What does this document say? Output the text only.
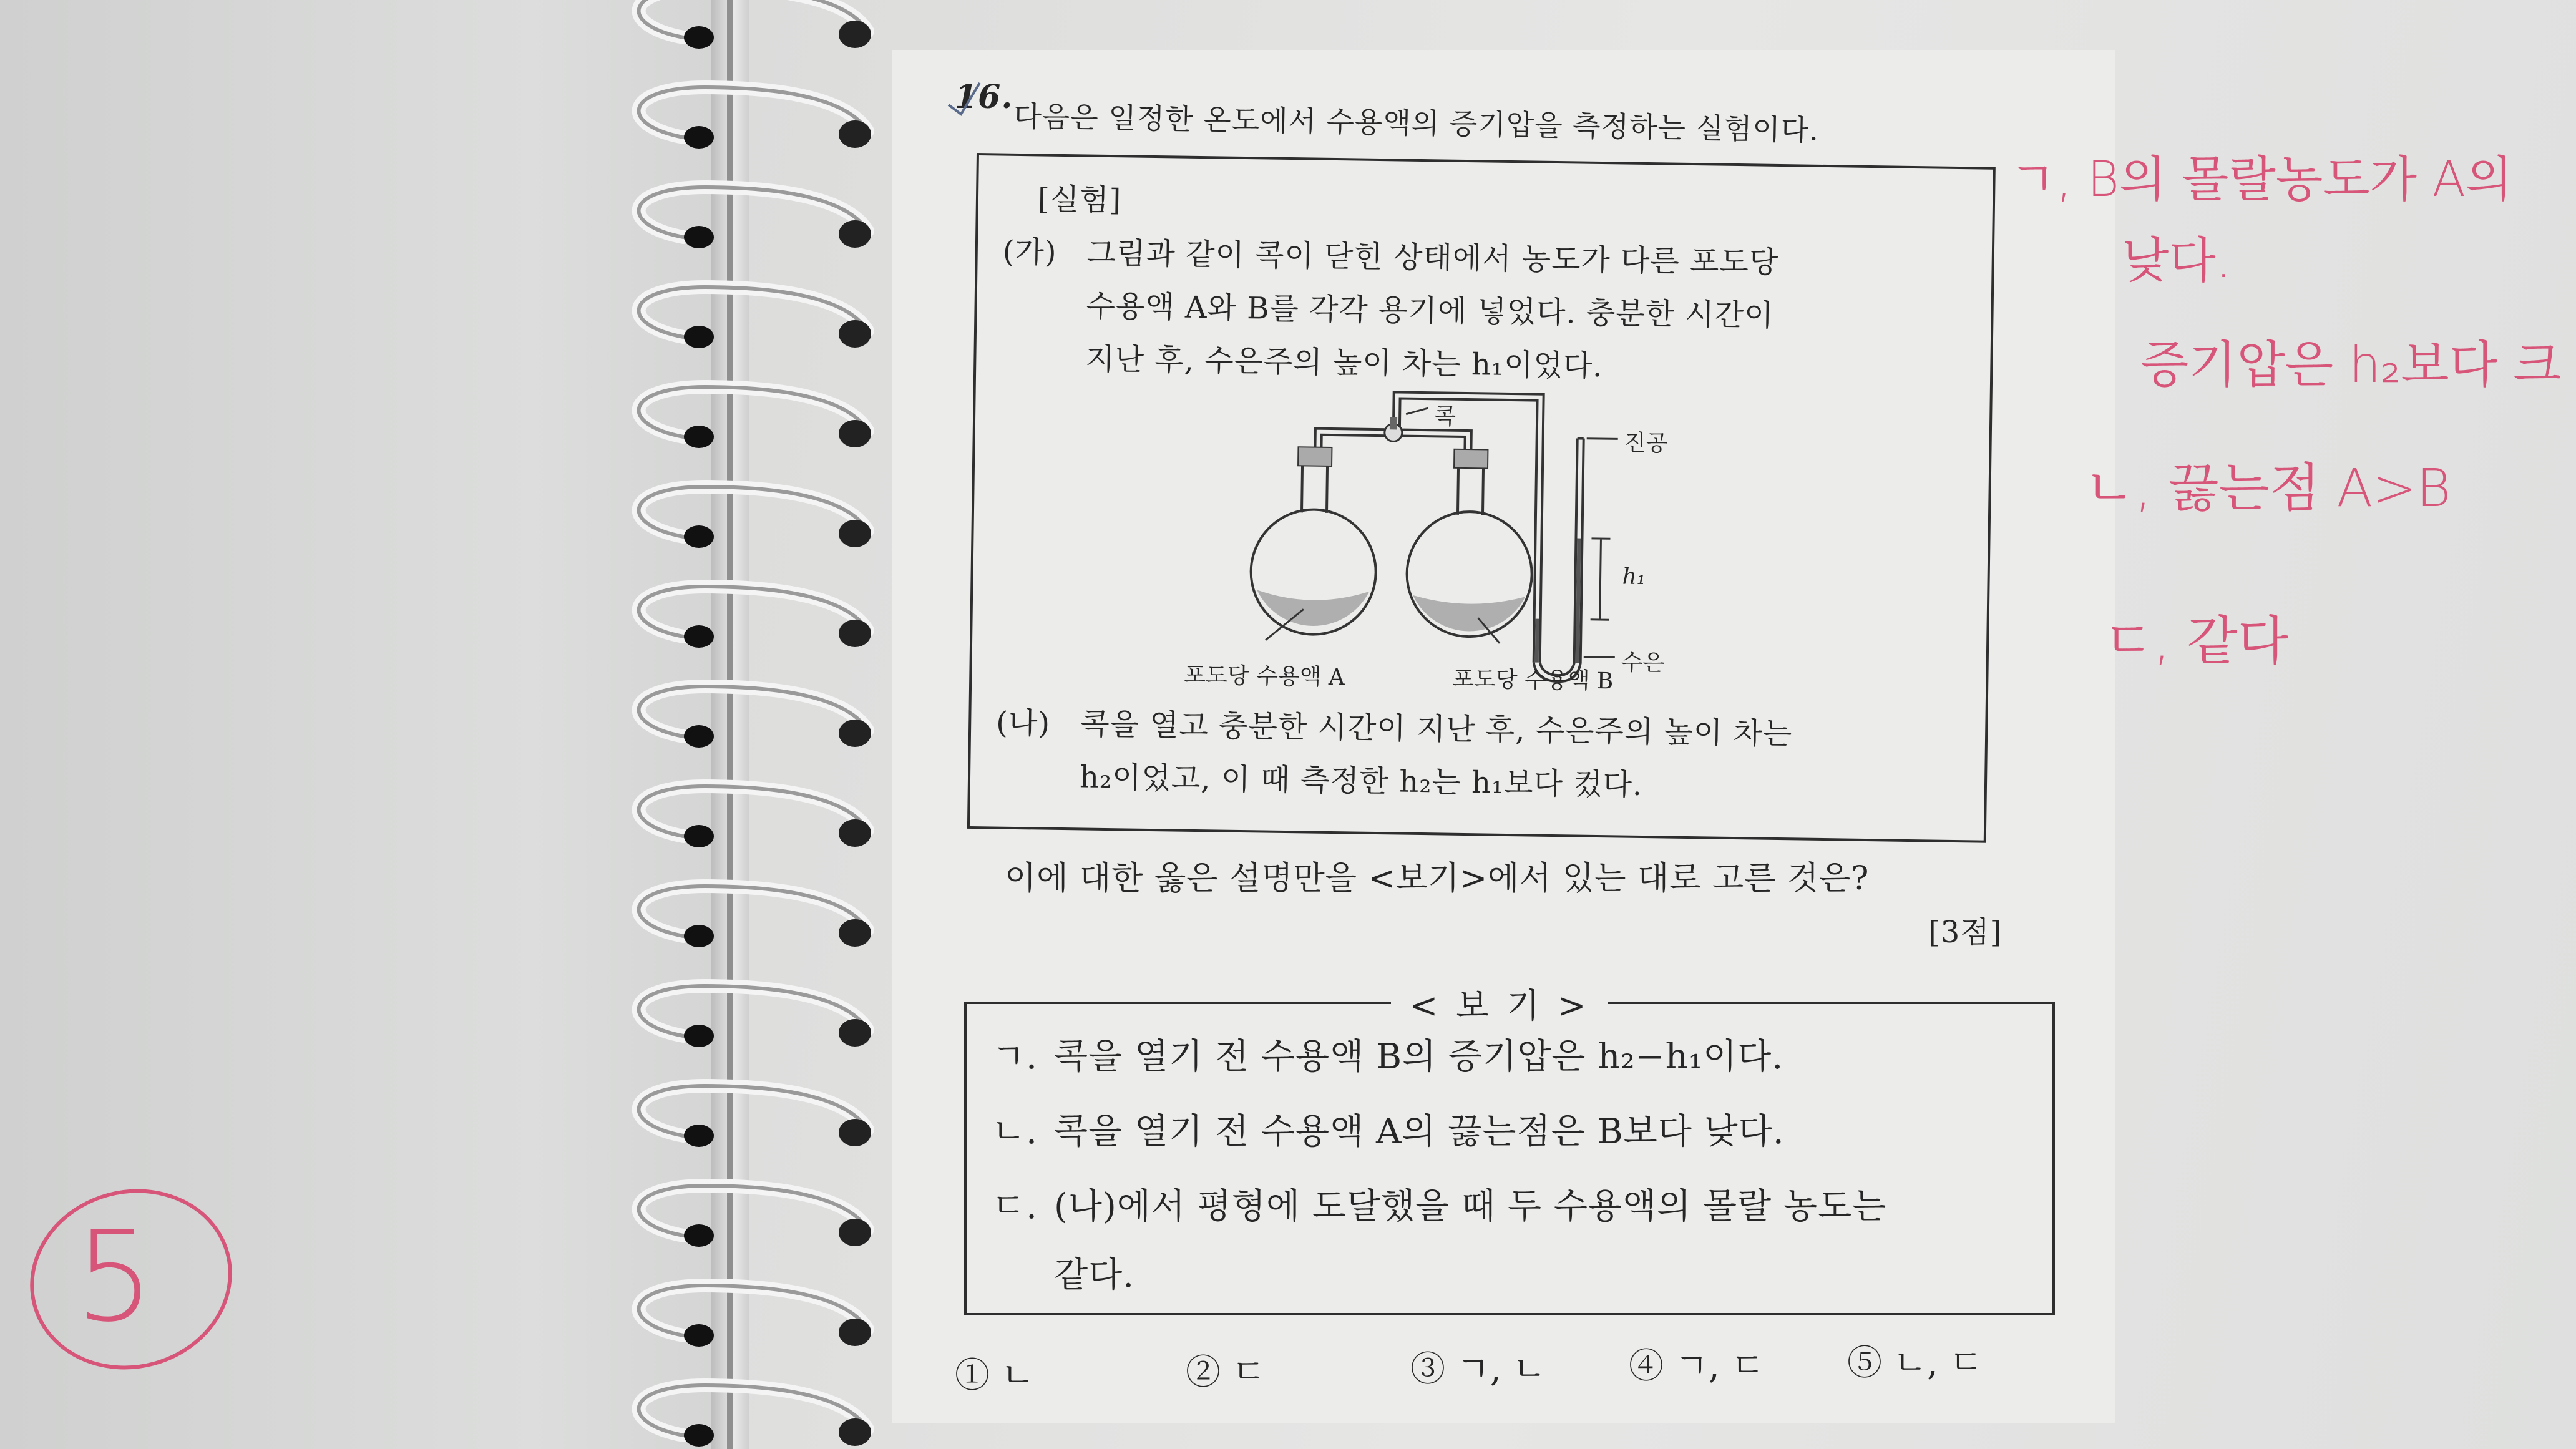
16.
다음은 일정한 온도에서 수용액의 증기압을 측정하는 실험이다.
[실험]
(가) 그림과 같이 콕이 닫힌 상태에서 농도가 다른 포도당
수용액 A와 B를 각각 용기에 넣었다. 충분한 시간이
지난 후, 수은주의 높이 차는 h₁이었다.
콕
진공
h₁
수은
포도당 수용액 A	포도당 수용액 B
(나) 콕을 열고 충분한 시간이 지난 후, 수은주의 높이 차는
h₂이었고, 이 때 측정한 h₂는 h₁보다 컸다.
이에 대한 옳은 설명만을 <보기>에서 있는 대로 고른 것은?
[3점]
< 보 기 >
ㄱ. 콕을 열기 전 수용액 B의 증기압은 h₂−h₁이다.
ㄴ. 콕을 열기 전 수용액 A의 끓는점은 B보다 낮다.
ㄷ. (나)에서 평형에 도달했을 때 두 수용액의 몰랄 농도는
같다.
① ㄴ	② ㄷ	③ ㄱ, ㄴ ④ ㄱ, ㄷ ⑤ ㄴ, ㄷ
ㄱ, B의 몰랄농도가 A의
낮다.
증기압은 h₂보다 크
ㄴ, 끓는점 A>B
ㄷ, 같다
5
